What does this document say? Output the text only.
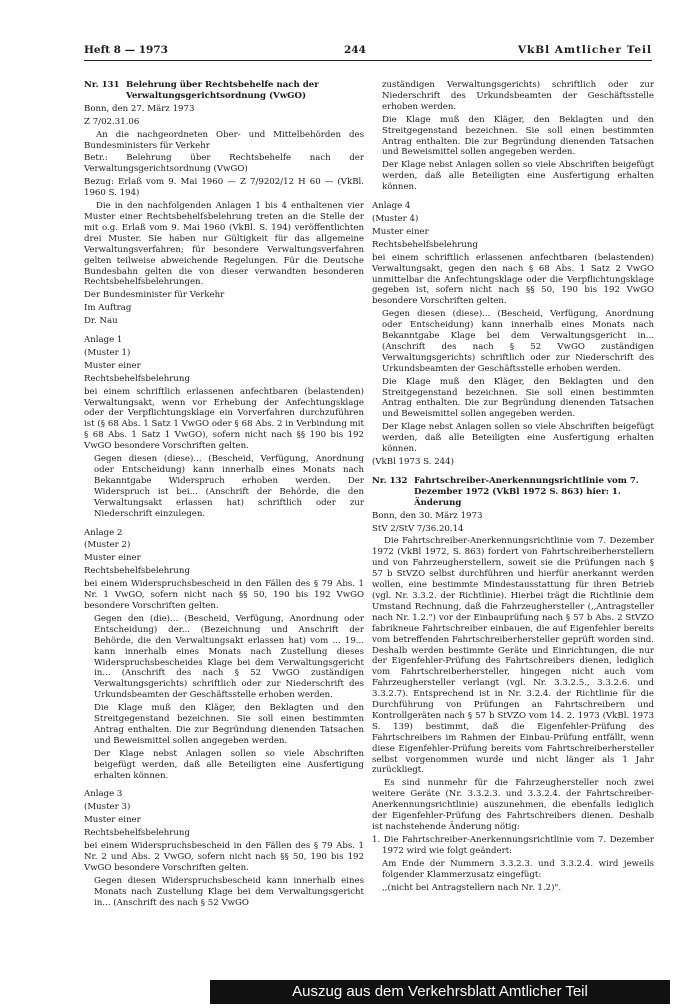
Heft 8 — 1973	244	VkBl Amtlicher Teil
Nr. 131 Belehrung über Rechtsbehelfe nach der Verwaltungsgerichtsordnung (VwGO)

Bonn, den 27. März 1973

Z 7/02.31.06

An die nachgeordneten Ober- und Mittelbehörden des Bundesministers für Verkehr

Betr.: Belehrung über Rechtsbehelfe nach der Verwaltungsgerichtsordnung (VwGO)

Bezug: Erlaß vom 9. Mai 1960 — Z 7/9202/12 H 60 — (VkBl. 1960 S. 194)

Die in den nachfolgenden Anlagen 1 bis 4 enthaltenen vier Muster einer Rechtsbehelfsbelehrung treten an die Stelle der mit o.g. Erlaß vom 9. Mai 1960 (VkBl. S. 194) veröffentlichten drei Muster. Sie haben nur Gültigkeit für das allgemeine Verwaltungsverfahren; für besondere Verwaltungsverfahren gelten teilweise abweichende Regelungen. Für die Deutsche Bundesbahn gelten die von dieser verwandten besonderen Rechtsbehelfsbelehrungen.

Der Bundesminister für Verkehr

Im Auftrag

Dr. Nau

Anlage 1

(Muster 1)

Muster einer

Rechtsbehelfsbelehrung

bei einem schriftlich erlassenen anfechtbaren (belastenden) Verwaltungsakt, wenn vor Erhebung der Anfechtungsklage oder der Verpflichtungsklage ein Vorverfahren durchzuführen ist (§ 68 Abs. 1 Satz 1 VwGO oder § 68 Abs. 2 in Verbindung mit § 68 Abs. 1 Satz 1 VwGO), sofern nicht nach §§ 190 bis 192 VwGO besondere Vorschriften gelten.

Gegen diesen (diese)... (Bescheid, Verfügung, Anordnung oder Entscheidung) kann innerhalb eines Monats nach Bekanntgabe Widerspruch erhoben werden. Der Widerspruch ist bei... (Anschrift der Behörde, die den Verwaltungsakt erlassen hat) schriftlich oder zur Niederschrift einzulegen.

Anlage 2

(Muster 2)

Muster einer

Rechtsbehelfsbelehrung

bei einem Widerspruchsbescheid in den Fällen des § 79 Abs. 1 Nr. 1 VwGO, sofern nicht nach §§ 50, 190 bis 192 VwGO besondere Vorschriften gelten.

Gegen den (die)... (Bescheid, Verfügung, Anordnung oder Entscheidung) der... (Bezeichnung und Anschrift der Behörde, die den Verwaltungsakt erlassen hat) vom ... 19... kann innerhalb eines Monats nach Zustellung dieses Widerspruchsbescheides Klage bei dem Verwaltungsgericht in... (Anschrift des nach § 52 VwGO zuständigen Verwaltungsgerichts) schriftlich oder zur Niederschrift des Urkundsbeamten der Geschäftsstelle erhoben werden.

Die Klage muß den Kläger, den Beklagten und den Streitgegenstand bezeichnen. Sie soll einen bestimmten Antrag enthalten. Die zur Begründung dienenden Tatsachen und Beweismittel sollen angegeben werden.

Der Klage nebst Anlagen sollen so viele Abschriften beigefügt werden, daß alle Beteiligten eine Ausfertigung erhalten können.

Anlage 3

(Muster 3)

Muster einer

Rechtsbehelfsbelehrung

bei einem Widerspruchsbescheid in den Fällen des § 79 Abs. 1 Nr. 2 und Abs. 2 VwGO, sofern nicht nach §§ 50, 190 bis 192 VwGO besondere Vorschriften gelten.

Gegen diesen Widerspruchsbescheid kann innerhalb eines Monats nach Zustellung Klage bei dem Verwaltungsgericht in... (Anschrift des nach § 52 VwGO

zuständigen Verwaltungsgerichts) schriftlich oder zur Niederschrift des Urkundsbeamten der Geschäftsstelle erhoben werden.

Die Klage muß den Kläger, den Beklagten und den Streitgegenstand bezeichnen. Sie soll einen bestimmten Antrag enthalten. Die zur Begründung dienenden Tatsachen und Beweismittel sollen angegeben werden.

Der Klage nebst Anlagen sollen so viele Abschriften beigefügt werden, daß alle Beteiligten eine Ausfertigung erhalten können.

Anlage 4

(Muster 4)

Muster einer

Rechtsbehelfsbelehrung

bei einem schriftlich erlassenen anfechtbaren (belastenden) Verwaltungsakt, gegen den nach § 68 Abs. 1 Satz 2 VwGO unmittelbar die Anfechtungsklage oder die Verpflichtungsklage gegeben ist, sofern nicht nach §§ 50, 190 bis 192 VwGO besondere Vorschriften gelten.

Gegen diesen (diese)... (Bescheid, Verfügung, Anordnung oder Entscheidung) kann innerhalb eines Monats nach Bekanntgabe Klage bei dem Verwaltungsgericht in... (Anschrift des nach § 52 VwGO zuständigen Verwaltungsgerichts) schriftlich oder zur Niederschrift des Urkundsbeamten der Geschäftsstelle erhoben werden.

Die Klage muß den Kläger, den Beklagten und den Streitgegenstand bezeichnen. Sie soll einen bestimmten Antrag enthalten. Die zur Begründung dienenden Tatsachen und Beweismittel sollen angegeben werden.

Der Klage nebst Anlagen sollen so viele Abschriften beigefügt werden, daß alle Beteiligten eine Ausfertigung erhalten können.

(VkBl 1973 S. 244)

Nr. 132 Fahrtschreiber-Anerkennungsrichtlinie vom 7. Dezember 1972 (VkBl 1972 S. 863) hier: 1. Änderung

Bonn, den 30. März 1973

StV 2/StV 7/36.20.14

Die Fahrtschreiber-Anerkennungsrichtlinie vom 7. Dezember 1972 (VkBl 1972, S. 863) fordert von Fahrtschreiberherstellern und von Fahrzeugherstellern, soweit sie die Prüfungen nach § 57 b StVZO selbst durchführen und hierfür anerkannt werden wollen, eine bestimmte Mindestausstattung für ihren Betrieb (vgl. Nr. 3.3.2. der Richtlinie). Hierbei trägt die Richtlinie dem Umstand Rechnung, daß die Fahrzeughersteller (,,Antragsteller nach Nr. 1.2.") vor der Einbauprüfung nach § 57 b Abs. 2 StVZO fabrikneue Fahrtschreiber einbauen, die auf Eigenfehler bereits vom betreffenden Fahrtschreiberhersteller geprüft worden sind. Deshalb werden bestimmte Geräte und Einrichtungen, die nur der Eigenfehler-Prüfung des Fahrtschreibers dienen, lediglich vom Fahrtschreiberhersteller, hingegen nicht auch vom Fahrzeughersteller verlangt (vgl. Nr. 3.3.2.5., 3.3.2.6. und 3.3.2.7). Entsprechend ist in Nr. 3.2.4. der Richtlinie für die Durchführung von Prüfungen an Fahrtschreibern und Kontrollgeräten nach § 57 b StVZO vom 14. 2. 1973 (VkBl. 1973 S. 139) bestimmt, daß die Eigenfehler-Prüfung des Fahrtschreibers im Rahmen der Einbau-Prüfung entfällt, wenn diese Eigenfehler-Prüfung bereits vom Fahrtschreiberhersteller selbst vorgenommen wurde und nicht länger als 1 Jahr zurückliegt.

Es sind nunmehr für die Fahrzeughersteller noch zwei weitere Geräte (Nr. 3.3.2.3. und 3.3.2.4. der Fahrtschreiber-Anerkennungsrichtlinie) auszunehmen, die ebenfalls lediglich der Eigenfehler-Prüfung des Fahrtschreibers dienen. Deshalb ist nachstehende Änderung nötig:

1. Die Fahrtschreiber-Anerkennungsrichtlinie vom 7. Dezember 1972 wird wie folgt geändert:

Am Ende der Nummern 3.3.2.3. und 3.3.2.4. wird jeweils folgender Klammerzusatz eingefügt:

,,(nicht bei Antragstellern nach Nr. 1.2)".

Auszug aus dem Verkehrsblatt Amtlicher Teil
